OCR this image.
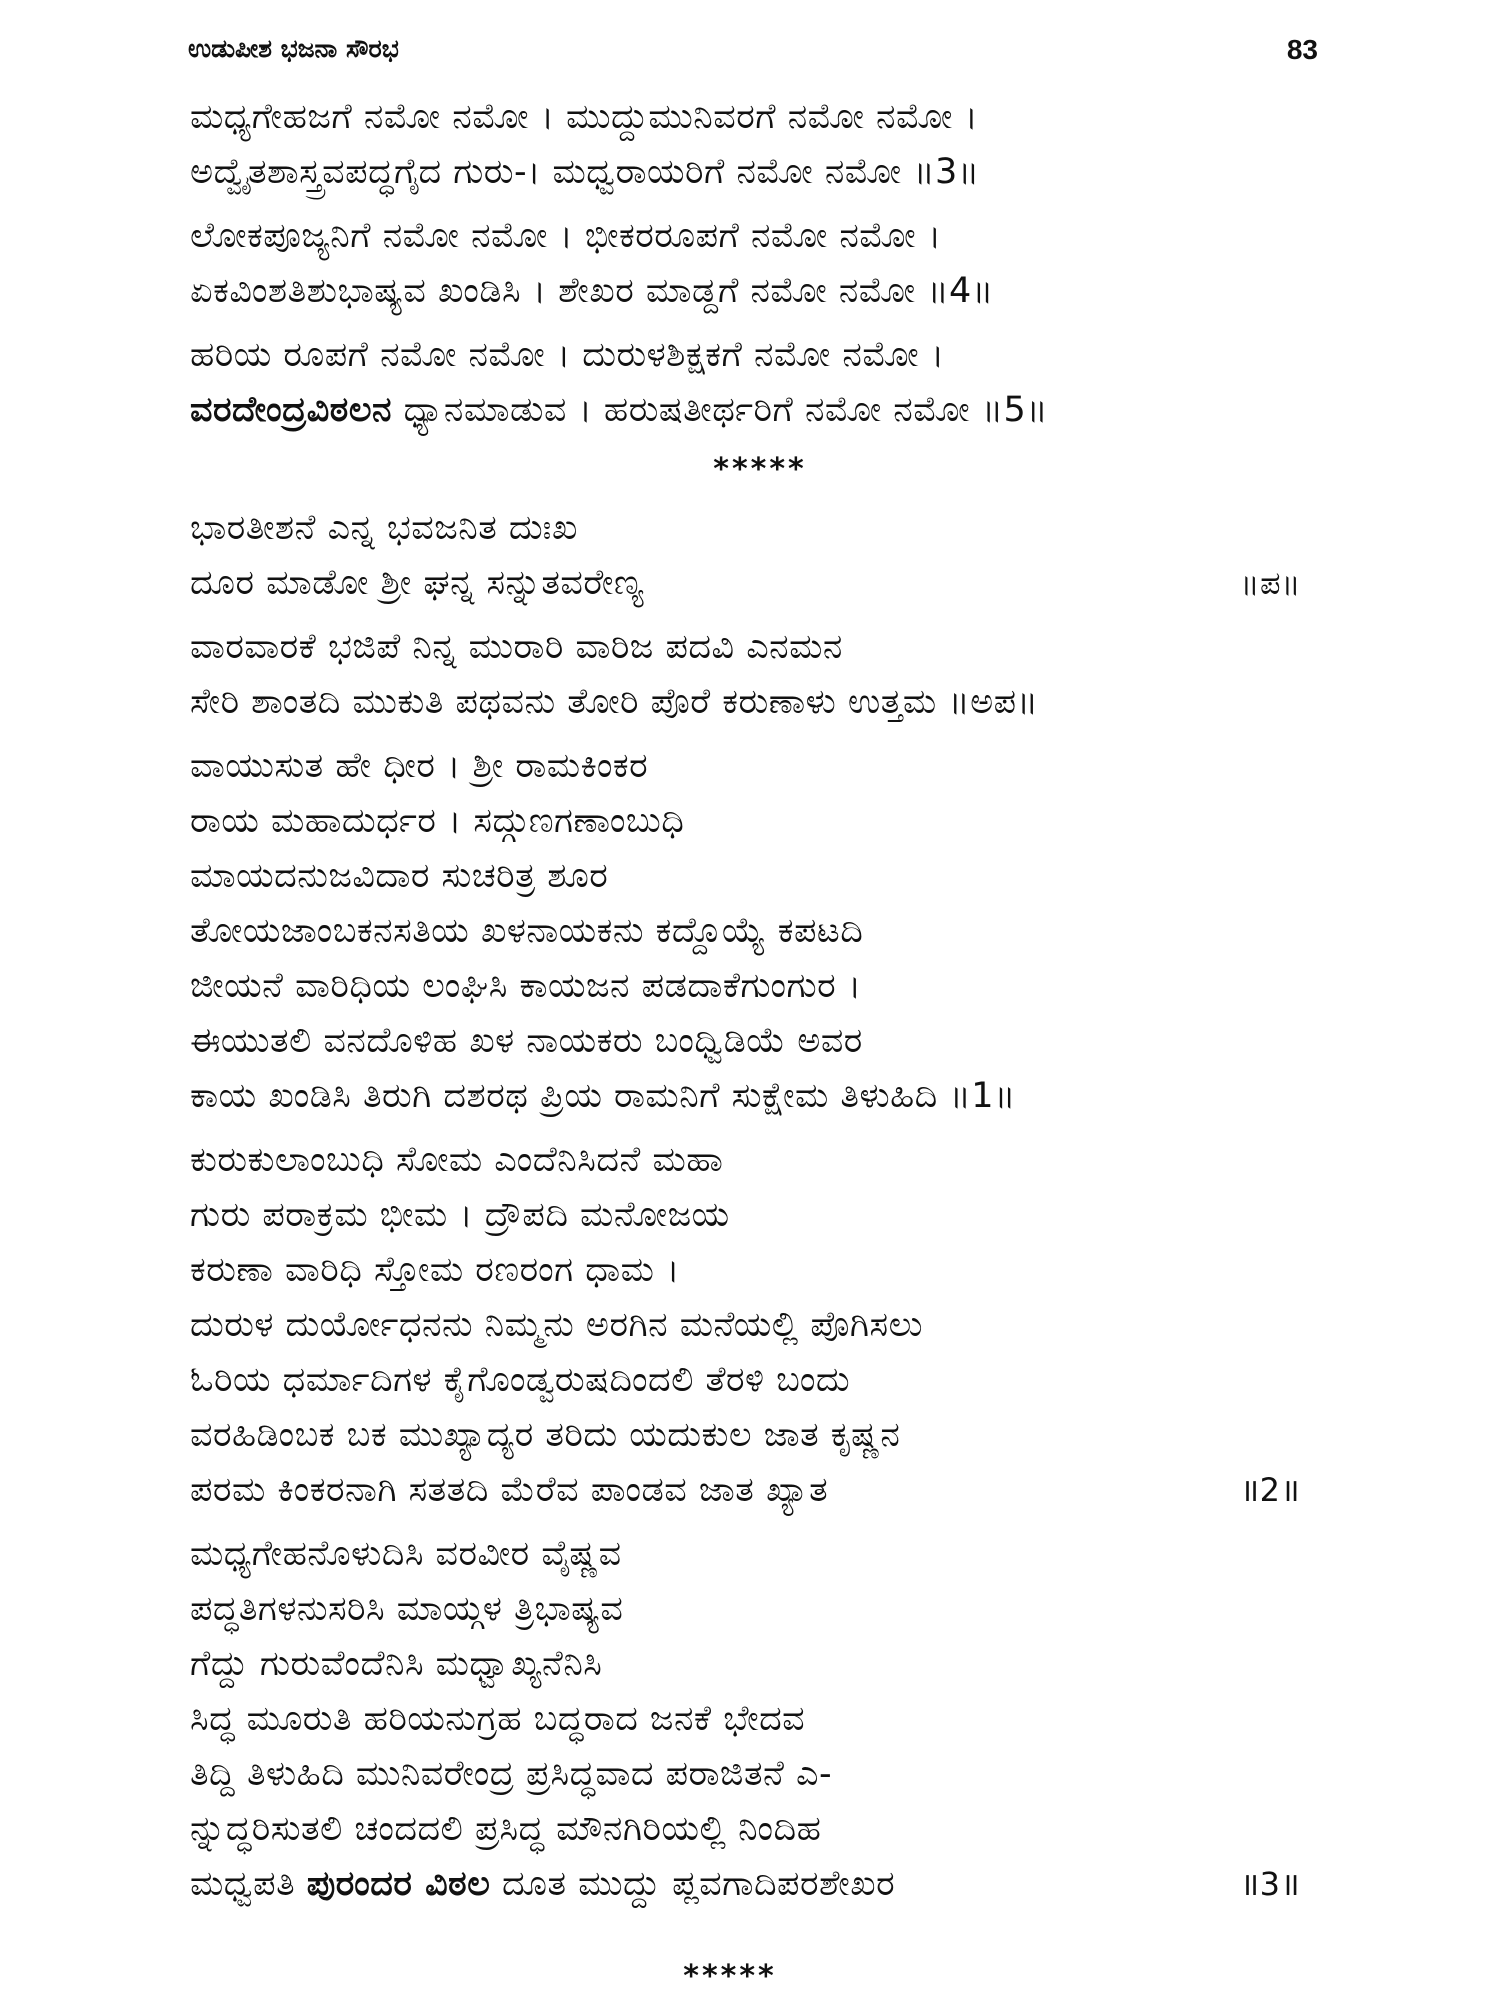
ಉಡುಪೀಶ ಭಜನಾ ಸೌರಭ	83
ಮಧ್ಯಗೇಹಜಗೆ ನಮೋ ನಮೋ । ಮುದ್ದುಮುನಿವರಗೆ ನಮೋ ನಮೋ ।
ಅದ್ವೈತಶಾಸ್ತ್ರವಪದ್ಧಗೈದ ಗುರು-। ಮಧ್ವರಾಯರಿಗೆ ನಮೋ ನಮೋ ॥3॥
ಲೋಕಪೂಜ್ಯನಿಗೆ ನಮೋ ನಮೋ । ಭೀಕರರೂಪಗೆ ನಮೋ ನಮೋ ।
ಏಕವಿಂಶತಿಶುಭಾಷ್ಯವ ಖಂಡಿಸಿ । ಶೇಖರ ಮಾಡ್ದಗೆ ನಮೋ ನಮೋ ॥4॥
ಹರಿಯ ರೂಪಗೆ ನಮೋ ನಮೋ । ದುರುಳಶಿಕ್ಷಕಗೆ ನಮೋ ನಮೋ ।
ವರದೇಂದ್ರವಿಠಲನ ಧ್ಯಾನಮಾಡುವ । ಹರುಷತೀರ್ಥರಿಗೆ ನಮೋ ನಮೋ ॥5॥
*****
ಭಾರತೀಶನೆ ಎನ್ನ ಭವಜನಿತ ದುಃಖ
ದೂರ ಮಾಡೋ ಶ್ರೀ ಘನ್ನ ಸನ್ನುತವರೇಣ್ಯ	॥ಪ॥
ವಾರವಾರಕೆ ಭಜಿಪೆ ನಿನ್ನ ಮುರಾರಿ ವಾರಿಜ ಪದವಿ ಎನಮನ
ಸೇರಿ ಶಾಂತದಿ ಮುಕುತಿ ಪಥವನು ತೋರಿ ಪೊರೆ ಕರುಣಾಳು ಉತ್ತಮ ॥ಅಪ॥
ವಾಯುಸುತ ಹೇ ಧೀರ । ಶ್ರೀ ರಾಮಕಿಂಕರ
ರಾಯ ಮಹಾದುರ್ಧರ । ಸದ್ಗುಣಗಣಾಂಬುಧಿ
ಮಾಯದನುಜವಿದಾರ ಸುಚರಿತ್ರ ಶೂರ
ತೋಯಜಾಂಬಕನಸತಿಯ ಖಳನಾಯಕನು ಕದ್ದೊಯ್ಯೆ ಕಪಟದಿ
ಜೀಯನೆ ವಾರಿಧಿಯ ಲಂಘಿಸಿ ಕಾಯಜನ ಪಡದಾಕೆಗುಂಗುರ ।
ಈಯುತಲಿ ವನದೊಳಿಹ ಖಳ ನಾಯಕರು ಬಂಧ್ವಿಡಿಯೆ ಅವರ
ಕಾಯ ಖಂಡಿಸಿ ತಿರುಗಿ ದಶರಥ ಪ್ರಿಯ ರಾಮನಿಗೆ ಸುಕ್ಷೇಮ ತಿಳುಹಿದಿ ॥1॥
ಕುರುಕುಲಾಂಬುಧಿ ಸೋಮ ಎಂದೆನಿಸಿದನೆ ಮಹಾ
ಗುರು ಪರಾಕ್ರಮ ಭೀಮ । ದ್ರೌಪದಿ ಮನೋಜಯ
ಕರುಣಾ ವಾರಿಧಿ ಸ್ತೋಮ ರಣರಂಗ ಧಾಮ ।
ದುರುಳ ದುರ್ಯೋಧನನು ನಿಮ್ಮನು ಅರಗಿನ ಮನೆಯಲ್ಲಿ ಪೊಗಿಸಲು
ಓರಿಯ ಧರ್ಮಾದಿಗಳ ಕೈಗೊಂಡ್ವರುಷದಿಂದಲಿ ತೆರಳಿ ಬಂದು
ವರಹಿಡಿಂಬಕ ಬಕ ಮುಖ್ಯಾದ್ಯರ ತರಿದು ಯದುಕುಲ ಜಾತ ಕೃಷ್ಣನ
ಪರಮ ಕಿಂಕರನಾಗಿ ಸತತದಿ ಮೆರೆವ ಪಾಂಡವ ಜಾತ ಖ್ಯಾತ	॥2॥
ಮಧ್ಯಗೇಹನೊಳುದಿಸಿ ವರವೀರ ವೈಷ್ಣವ
ಪದ್ಧತಿಗಳನುಸರಿಸಿ ಮಾಯ್ಗಳ ತ್ರಿಭಾಷ್ಯವ
ಗೆದ್ದು ಗುರುವೆಂದೆನಿಸಿ ಮಧ್ವಾಖ್ಯನೆನಿಸಿ
ಸಿದ್ಧ ಮೂರುತಿ ಹರಿಯನುಗ್ರಹ ಬದ್ಧರಾದ ಜನಕೆ ಭೇದವ
ತಿದ್ದಿ ತಿಳುಹಿದಿ ಮುನಿವರೇಂದ್ರ ಪ್ರಸಿದ್ಧವಾದ ಪರಾಜಿತನೆ ಎ-
ನ್ನುದ್ಧರಿಸುತಲಿ ಚಂದದಲಿ ಪ್ರಸಿದ್ಧ ಮೌನಗಿರಿಯಲ್ಲಿ ನಿಂದಿಹ
ಮಧ್ವಪತಿ ಪುರಂದರ ವಿಠಲ ದೂತ ಮುದ್ದು ಪ್ಲವಗಾದಿಪರಶೇಖರ	॥3॥
*****
